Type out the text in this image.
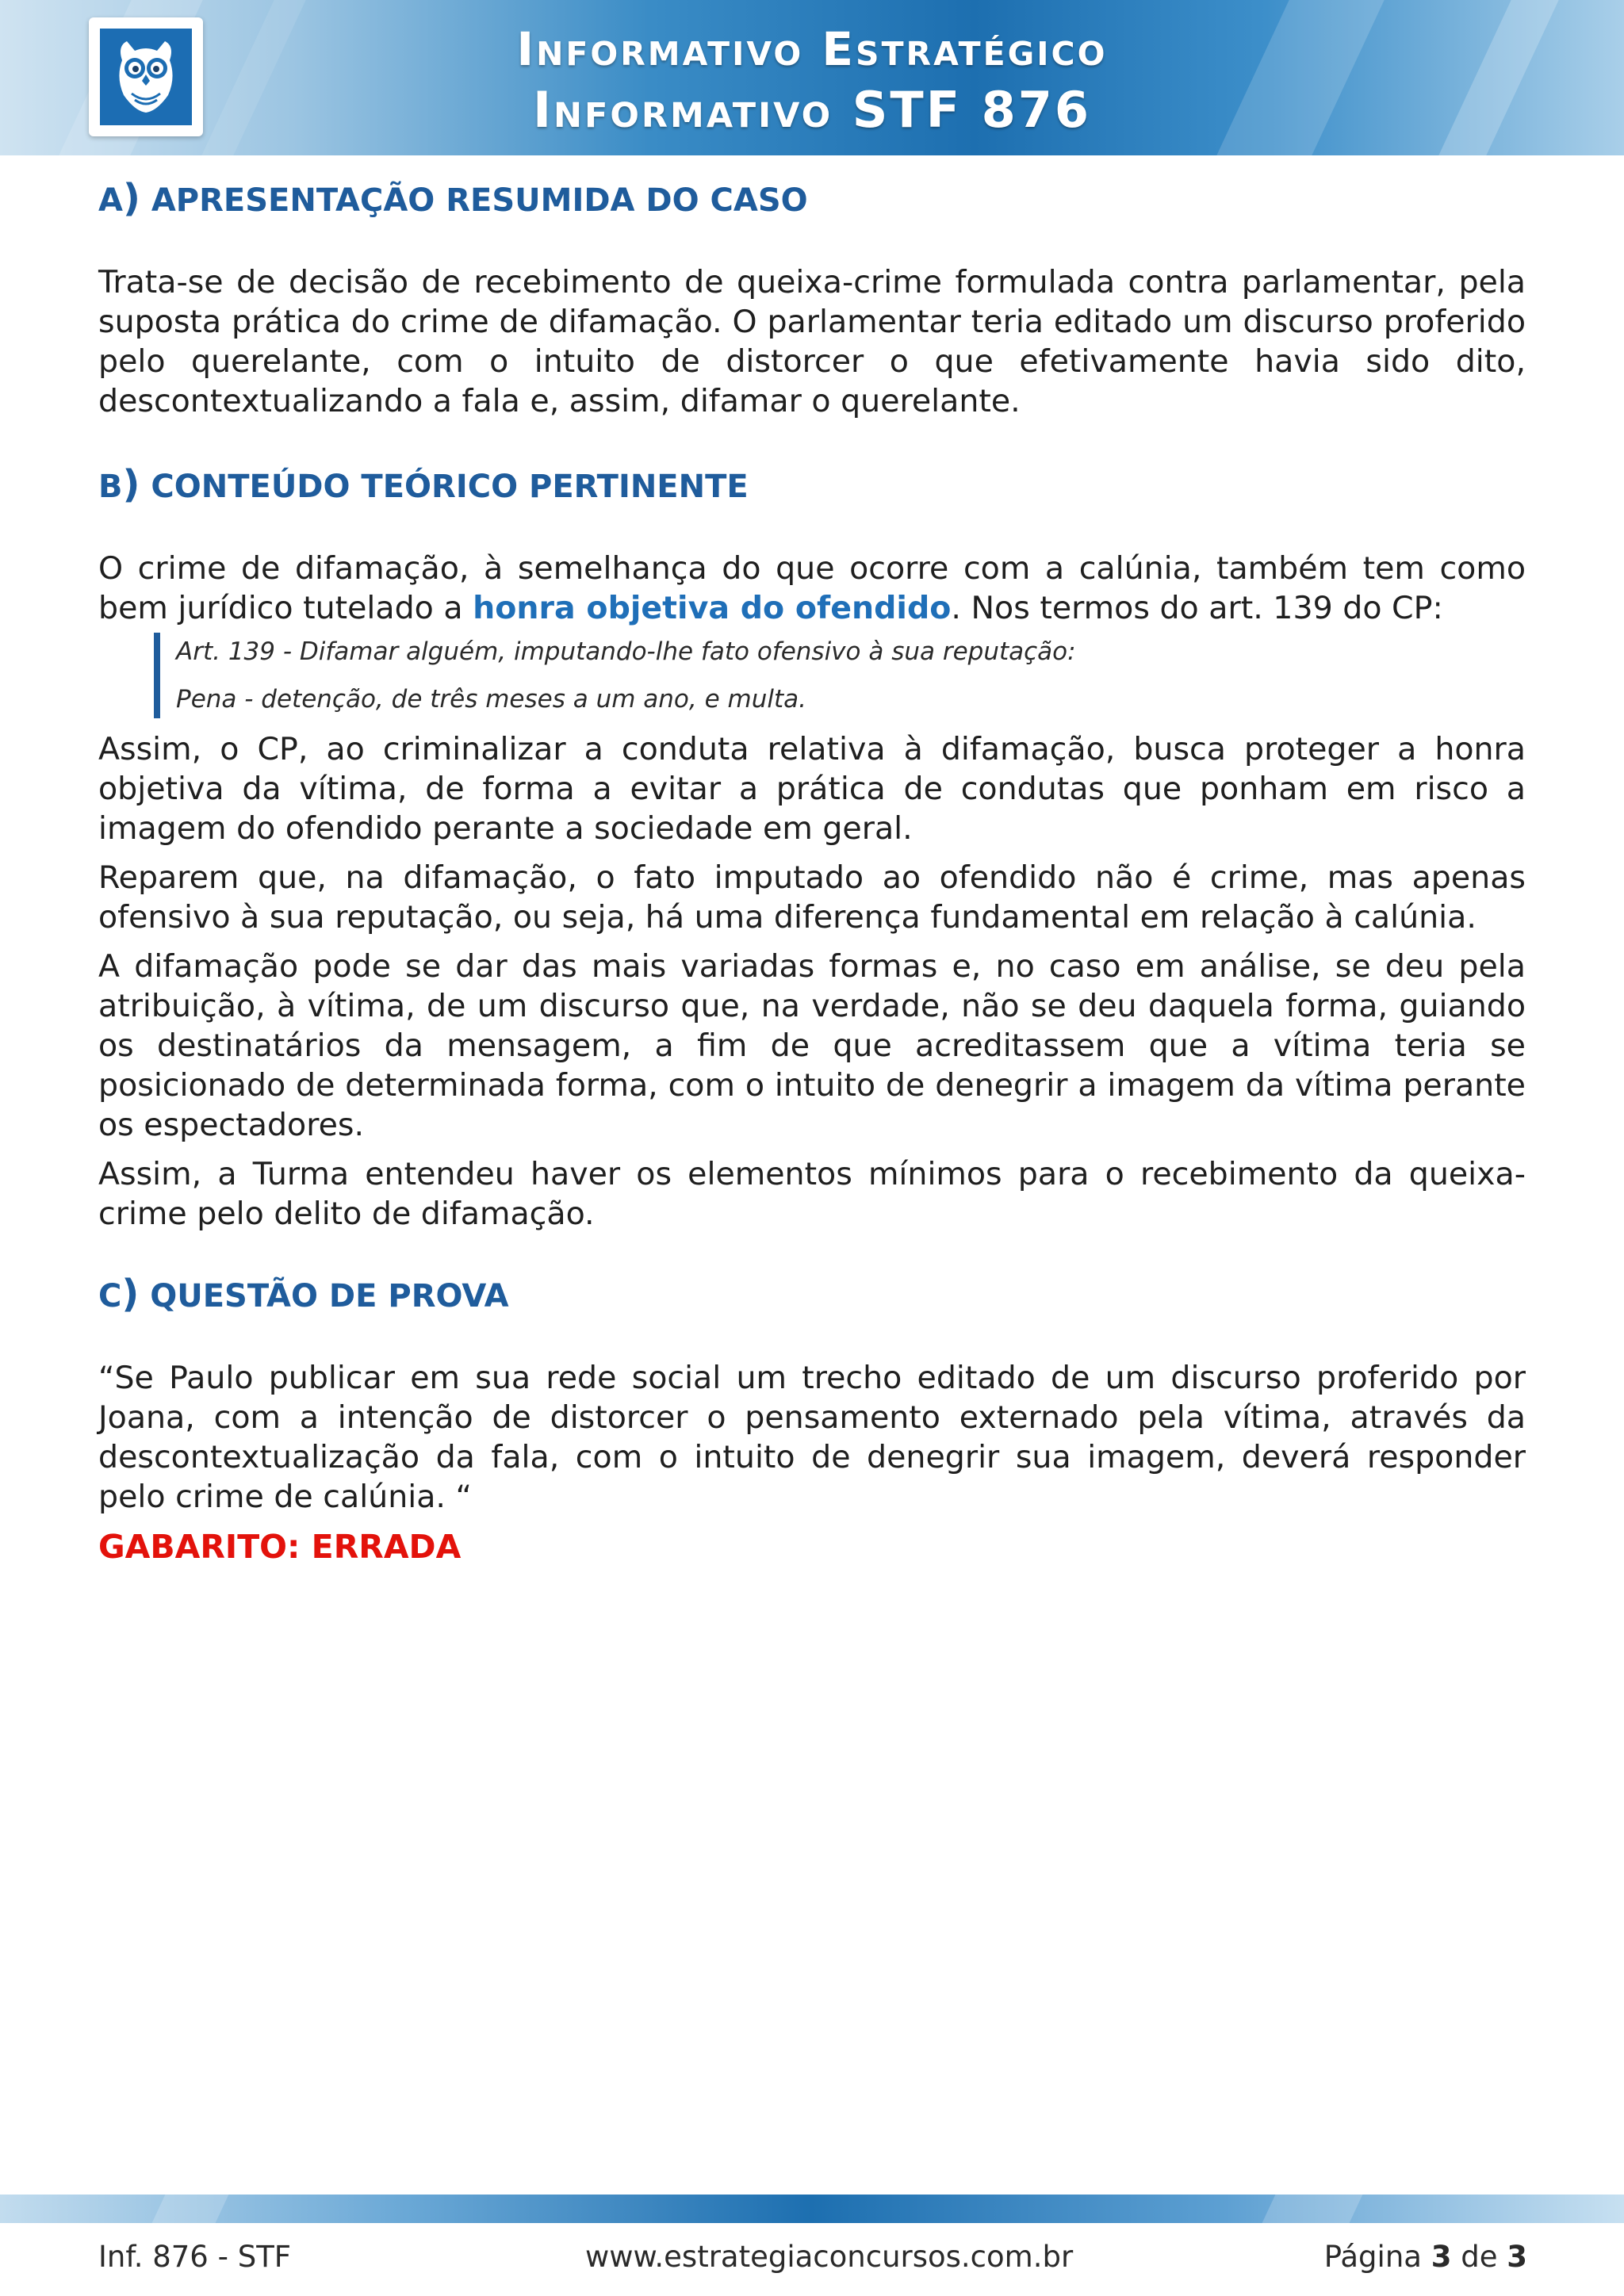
Informativo Estratégico
Informativo STF 876
A) APRESENTAÇÃO RESUMIDA DO CASO

Trata-se de decisão de recebimento de queixa-crime formulada contra parlamentar, pela suposta prática do crime de difamação. O parlamentar teria editado um discurso proferido pelo querelante, com o intuito de distorcer o que efetivamente havia sido dito, descontextualizando a fala e, assim, difamar o querelante.

B) CONTEÚDO TEÓRICO PERTINENTE

O crime de difamação, à semelhança do que ocorre com a calúnia, também tem como bem jurídico tutelado a honra objetiva do ofendido. Nos termos do art. 139 do CP:

Art. 139 - Difamar alguém, imputando-lhe fato ofensivo à sua reputação:

Pena - detenção, de três meses a um ano, e multa.

Assim, o CP, ao criminalizar a conduta relativa à difamação, busca proteger a honra objetiva da vítima, de forma a evitar a prática de condutas que ponham em risco a imagem do ofendido perante a sociedade em geral.

Reparem que, na difamação, o fato imputado ao ofendido não é crime, mas apenas ofensivo à sua reputação, ou seja, há uma diferença fundamental em relação à calúnia.

A difamação pode se dar das mais variadas formas e, no caso em análise, se deu pela atribuição, à vítima, de um discurso que, na verdade, não se deu daquela forma, guiando os destinatários da mensagem, a fim de que acreditassem que a vítima teria se posicionado de determinada forma, com o intuito de denegrir a imagem da vítima perante os espectadores.

Assim, a Turma entendeu haver os elementos mínimos para o recebimento da queixa-crime pelo delito de difamação.

C) QUESTÃO DE PROVA

“Se Paulo publicar em sua rede social um trecho editado de um discurso proferido por Joana, com a intenção de distorcer o pensamento externado pela vítima, através da descontextualização da fala, com o intuito de denegrir sua imagem, deverá responder pelo crime de calúnia. “

GABARITO: ERRADA

Inf. 876 - STF	www.estrategiaconcursos.com.br	Página 3 de 3
